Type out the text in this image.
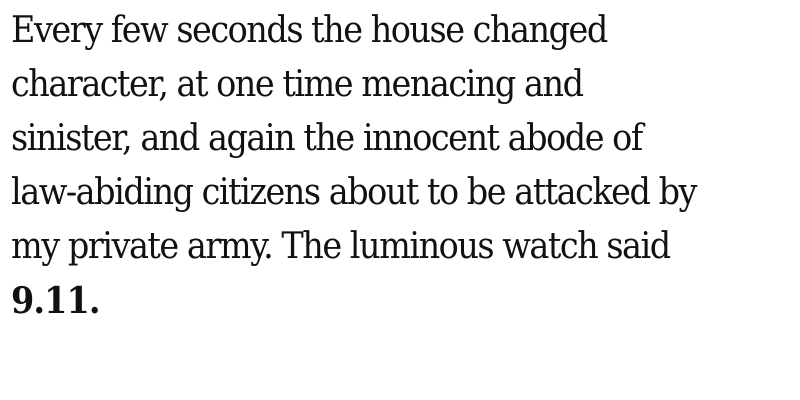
Every few seconds the house changed
character, at one time menacing and
sinister, and again the innocent abode of
law-abiding citizens about to be attacked by
my private army. The luminous watch said
9.11.
